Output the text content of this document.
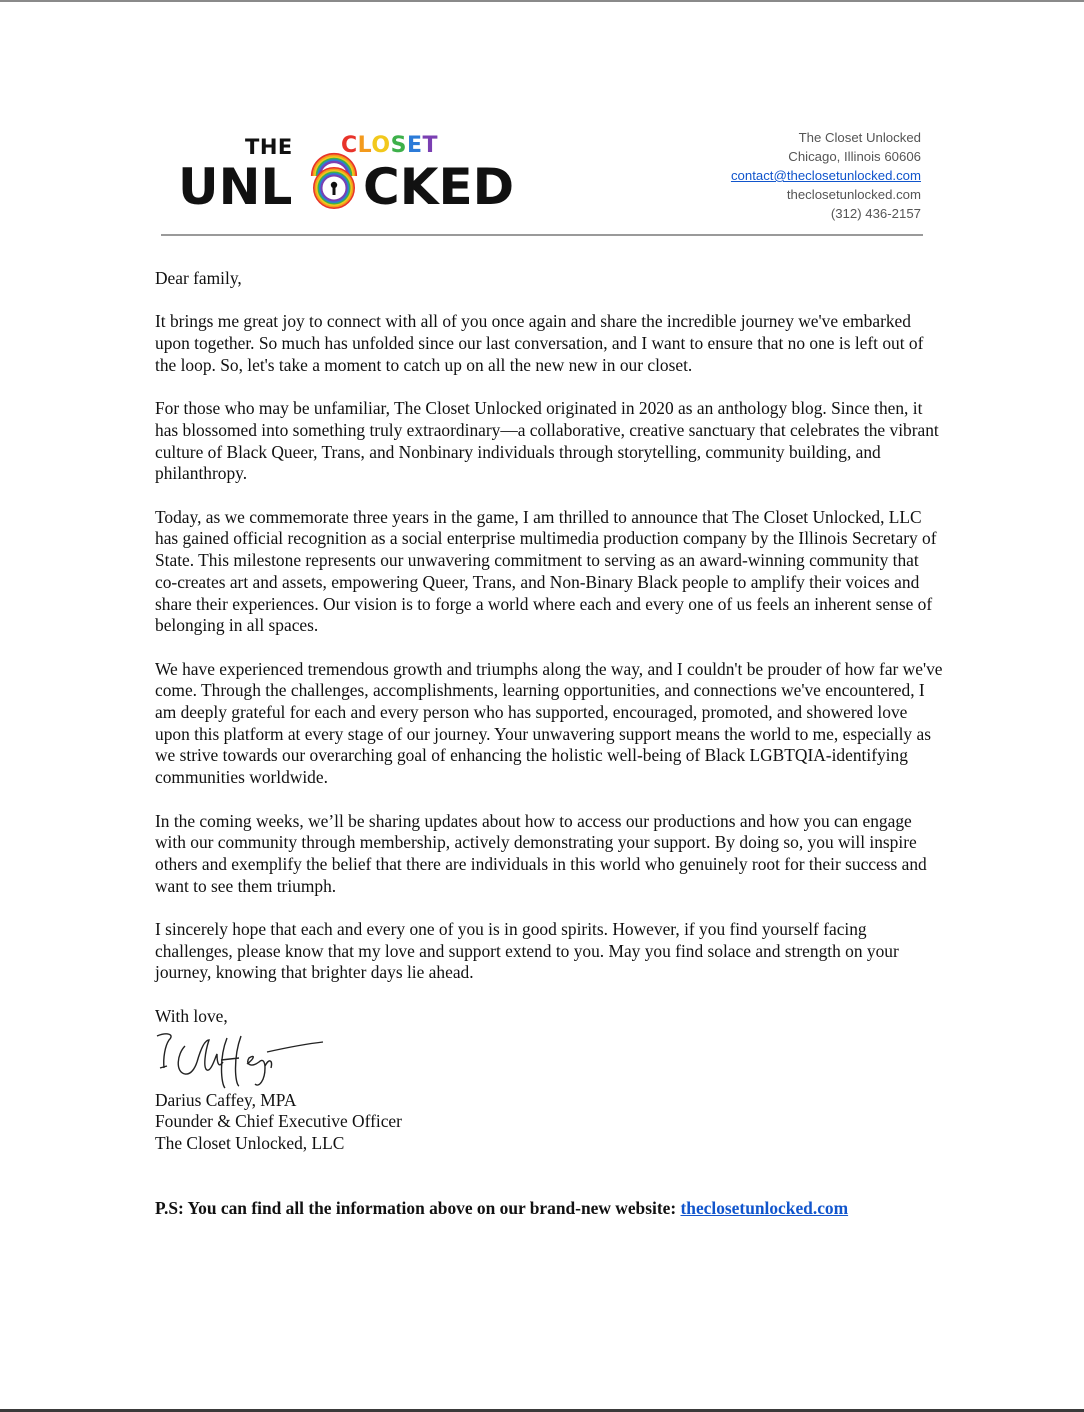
UNL CKED
THE CLOSET	The Closet Unlocked
Chicago, Illinois 60606
contact@theclosetunlocked.com
theclosetunlocked.com
(312) 436-2157

Dear family,

It brings me great joy to connect with all of you once again and share the incredible journey we've embarked upon together. So much has unfolded since our last conversation, and I want to ensure that no one is left out of the loop. So, let's take a moment to catch up on all the new new in our closet.

For those who may be unfamiliar, The Closet Unlocked originated in 2020 as an anthology blog. Since then, it has blossomed into something truly extraordinary—a collaborative, creative sanctuary that celebrates the vibrant culture of Black Queer, Trans, and Nonbinary individuals through storytelling, community building, and philanthropy.

Today, as we commemorate three years in the game, I am thrilled to announce that The Closet Unlocked, LLC has gained official recognition as a social enterprise multimedia production company by the Illinois Secretary of State. This milestone represents our unwavering commitment to serving as an award-winning community that co-creates art and assets, empowering Queer, Trans, and Non-Binary Black people to amplify their voices and share their experiences. Our vision is to forge a world where each and every one of us feels an inherent sense of belonging in all spaces.

We have experienced tremendous growth and triumphs along the way, and I couldn't be prouder of how far we've come. Through the challenges, accomplishments, learning opportunities, and connections we've encountered, I am deeply grateful for each and every person who has supported, encouraged, promoted, and showered love upon this platform at every stage of our journey. Your unwavering support means the world to me, especially as we strive towards our overarching goal of enhancing the holistic well-being of Black LGBTQIA-identifying communities worldwide.

In the coming weeks, we’ll be sharing updates about how to access our productions and how you can engage with our community through membership, actively demonstrating your support. By doing so, you will inspire others and exemplify the belief that there are individuals in this world who genuinely root for their success and want to see them triumph.

I sincerely hope that each and every one of you is in good spirits. However, if you find yourself facing challenges, please know that my love and support extend to you. May you find solace and strength on your journey, knowing that brighter days lie ahead.

With love,

Darius Caffey, MPA
Founder & Chief Executive Officer
The Closet Unlocked, LLC

P.S: You can find all the information above on our brand-new website: theclosetunlocked.com
